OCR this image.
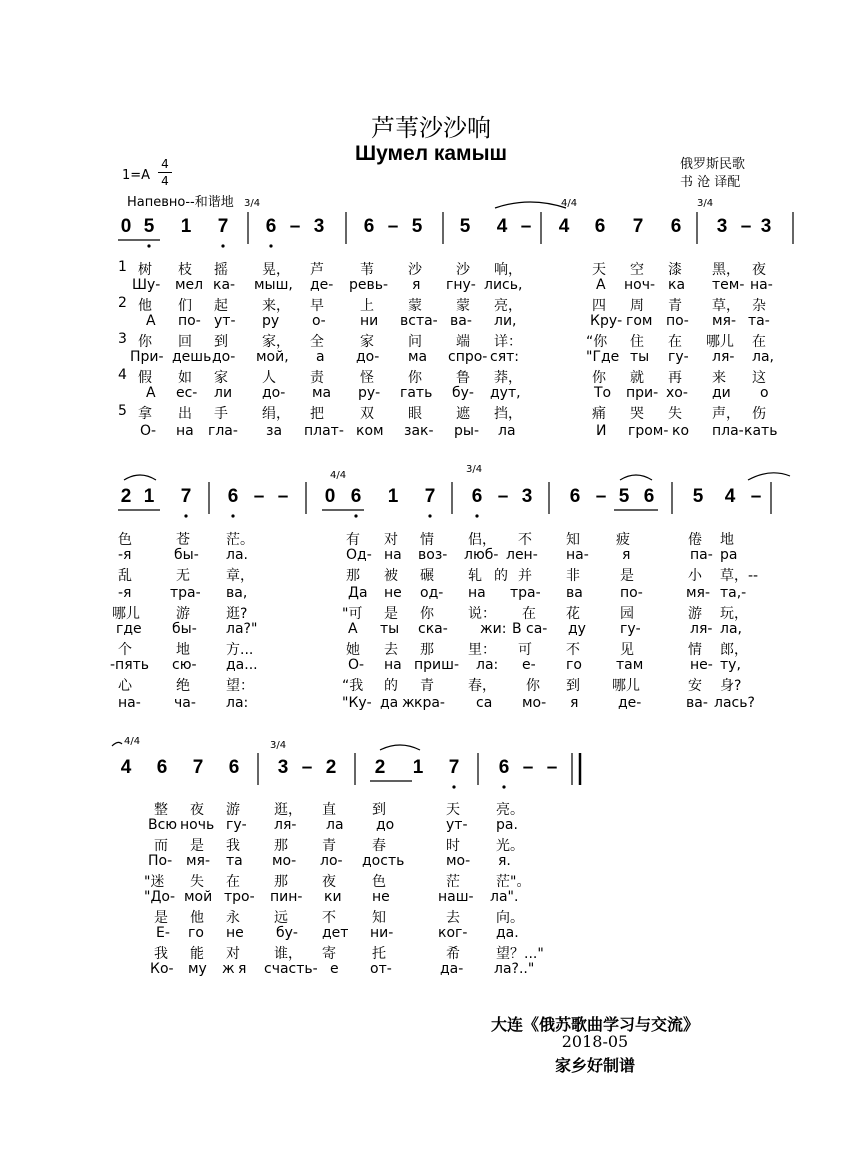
芦苇沙沙响
Шумел камыш
1=A
4
4
Напевно--和谐地
俄罗斯民歌
书 沧 译配
3/4	4/4	3/4
0 5 1 7 6 – 3 6 – 5 5 4 – 4 6 7 6 3 – 3
1 树 枝 摇 晃， 芦	苇 沙 沙 响，	天 空 漆 黑， 夜
Шу- мел ка- мыш, де- ревь- я гну- лись,	А ноч- ка тем- на-
2 他 们 起 来， 早	上 蒙 蒙 亮，	四 周 青 草， 杂
А по- ут- ру о- ни вста- ва- ли,	Кру- гом по- мя- та-
3 你 回 到 家， 全	家 问 端 详：	“你 住 在 哪儿 在
При- дешь до- мой, а до- ма спро- сят:	"Где ты гу- ля- ла,
4 假 如 家 人 责	怪 你 鲁 莽，	你 就 再 来 这
А ес- ли до- ма ру- гать бу- дут,	То при- хо- ди о
5 拿 出 手 绢， 把	双 眼 遮 挡，	痛 哭 失 声， 伤
О- на гла- за плат- ком зак- ры- ла	И гром- ко пла- кать
4/4
3/4
2 1 7 6 – – 0 6 1 7 6 – 3 6 – 5 6 5 4 –
色	苍	茫。	有 对 情 侣， 不 知	疲	倦 地
-я	бы- ла.	Од- на воз- люб- лен- на- я	па- ра
乱	无	章，	那 被 碾 轧 的 并 非	是	小 草，--
-я	тра- ва,	Да не од- на тра- ва	по-	мя- та,-
哪儿	游	逛?	"可 是 你 说： 在 花	园	游 玩，
где бы- ла?"	А ты ска- жи: В са- ду гу-	ля- ла,
个	地	方...	她 去 那 里： 可 不	见	情 郎，
-пять сю- да...	О- на приш- ла: е- го там	не- ту,
心	绝	望：	“我 的 青 春， 你 到 哪儿	安 身?
на- ча- ла:	"Ку- да ж кра- са мо- я	де-	ва- лась?
4/4	3/4
4 6 7 6 3 – 2 2 1 7 6 – –
整 夜 游 逛， 直	到	天	亮。
Всю ночь гу- ля- ла до	ут- ра.
而 是 我 那 青	春	时	光。
По- мя- та мо- ло- дость	мо- я.
"迷 失 在 那 夜	色	茫	茫"。
"До- мой тро- пин- ки не	наш- ла".
是 他 永 远 不	知	去	向。
Е- го не бу- дет ни-	ког- да.
我 能 对 谁， 寄	托	希	望？..."
Ко- му ж я счасть- е от-	да- ла?.."
大连《俄苏歌曲学习与交流》
2018-05
家乡好制谱
